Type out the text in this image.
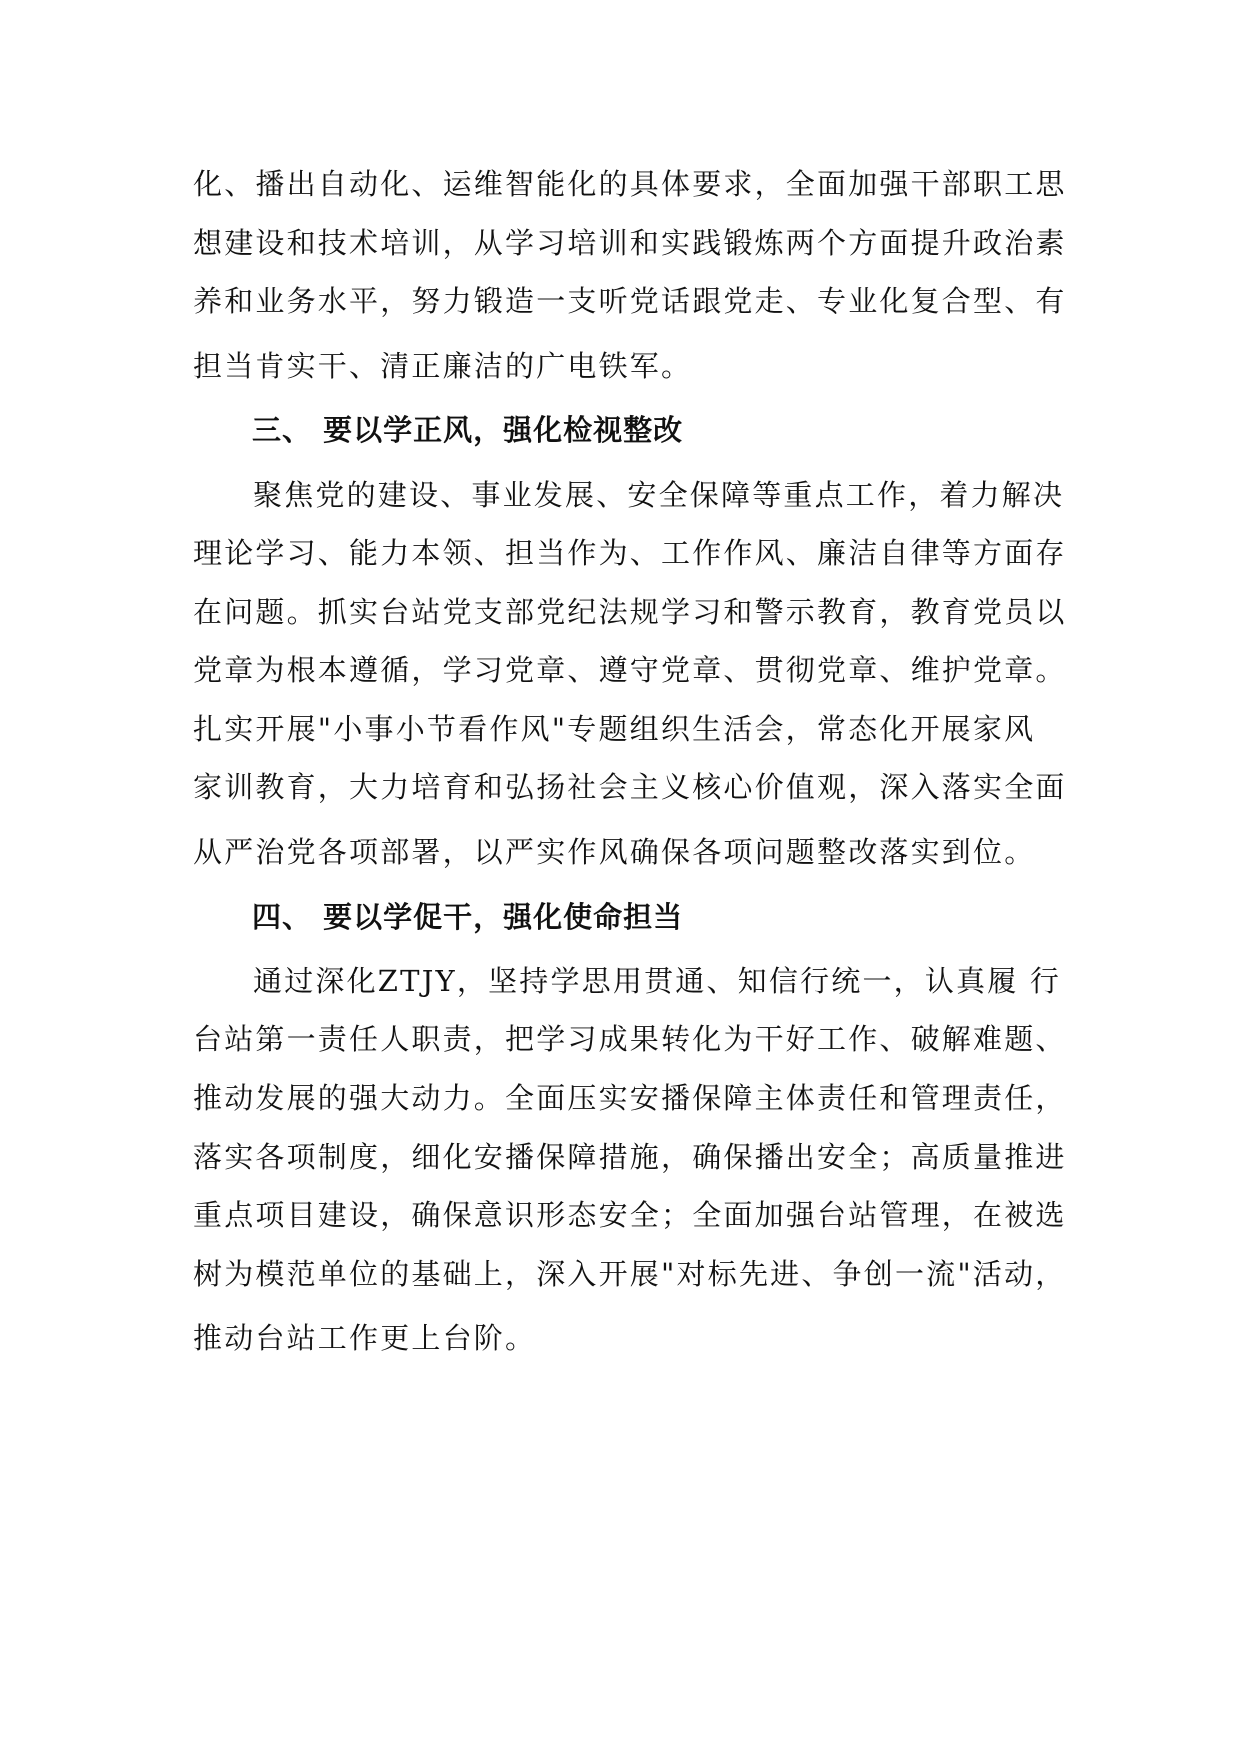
化、播出自动化、运维智能化的具体要求，全面加强干部职工思
想建设和技术培训，从学习培训和实践锻炼两个方面提升政治素
养和业务水平，努力锻造一支听党话跟党走、专业化复合型、有
担当肯实干、清正廉洁的广电铁军。
三、 要以学正风，强化检视整改
聚焦党的建设、事业发展、安全保障等重点工作，着力解决
理论学习、能力本领、担当作为、工作作风、廉洁自律等方面存
在问题。抓实台站党支部党纪法规学习和警示教育，教育党员以
党章为根本遵循，学习党章、遵守党章、贯彻党章、维护党章。
扎实开展"小事小节看作风"专题组织生活会，常态化开展家风
家训教育，大力培育和弘扬社会主义核心价值观，深入落实全面
从严治党各项部署，以严实作风确保各项问题整改落实到位。
四、 要以学促干，强化使命担当
通过深化ZTJY，坚持学思用贯通、知信行统一，认真履 行
台站第一责任人职责，把学习成果转化为干好工作、破解难题、
推动发展的强大动力。全面压实安播保障主体责任和管理责任，
落实各项制度，细化安播保障措施，确保播出安全；高质量推进
重点项目建设，确保意识形态安全；全面加强台站管理，在被选
树为模范单位的基础上，深入开展"对标先进、争创一流"活动，
推动台站工作更上台阶。
